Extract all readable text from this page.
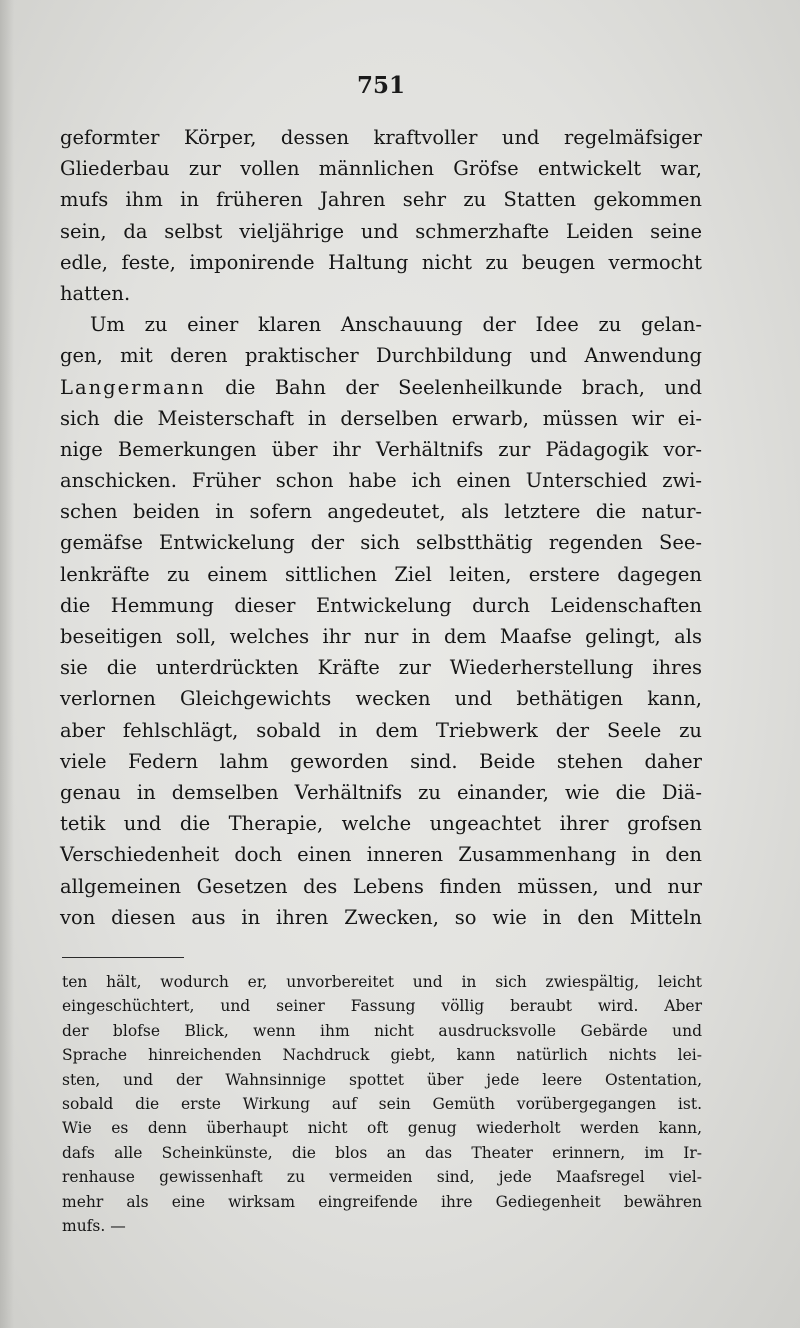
751
geformter Körper, dessen kraftvoller und regelmäfsiger
Gliederbau zur vollen männlichen Gröfse entwickelt war,
mufs ihm in früheren Jahren sehr zu Statten gekommen
sein, da selbst vieljährige und schmerzhafte Leiden seine
edle, feste, imponirende Haltung nicht zu beugen vermocht
hatten.
Um zu einer klaren Anschauung der Idee zu gelan-
gen, mit deren praktischer Durchbildung und Anwendung
Langermann die Bahn der Seelenheilkunde brach, und
sich die Meisterschaft in derselben erwarb, müssen wir ei-
nige Bemerkungen über ihr Verhältnifs zur Pädagogik vor-
anschicken. Früher schon habe ich einen Unterschied zwi-
schen beiden in sofern angedeutet, als letztere die natur-
gemäfse Entwickelung der sich selbstthätig regenden See-
lenkräfte zu einem sittlichen Ziel leiten, erstere dagegen
die Hemmung dieser Entwickelung durch Leidenschaften
beseitigen soll, welches ihr nur in dem Maafse gelingt, als
sie die unterdrückten Kräfte zur Wiederherstellung ihres
verlornen Gleichgewichts wecken und bethätigen kann,
aber fehlschlägt, sobald in dem Triebwerk der Seele zu
viele Federn lahm geworden sind. Beide stehen daher
genau in demselben Verhältnifs zu einander, wie die Diä-
tetik und die Therapie, welche ungeachtet ihrer grofsen
Verschiedenheit doch einen inneren Zusammenhang in den
allgemeinen Gesetzen des Lebens finden müssen, und nur
von diesen aus in ihren Zwecken, so wie in den Mitteln
ten hält, wodurch er, unvorbereitet und in sich zwiespältig, leicht
eingeschüchtert, und seiner Fassung völlig beraubt wird. Aber
der blofse Blick, wenn ihm nicht ausdrucksvolle Gebärde und
Sprache hinreichenden Nachdruck giebt, kann natürlich nichts lei-
sten, und der Wahnsinnige spottet über jede leere Ostentation,
sobald die erste Wirkung auf sein Gemüth vorübergegangen ist.
Wie es denn überhaupt nicht oft genug wiederholt werden kann,
dafs alle Scheinkünste, die blos an das Theater erinnern, im Ir-
renhause gewissenhaft zu vermeiden sind, jede Maafsregel viel-
mehr als eine wirksam eingreifende ihre Gediegenheit bewähren
mufs. —
